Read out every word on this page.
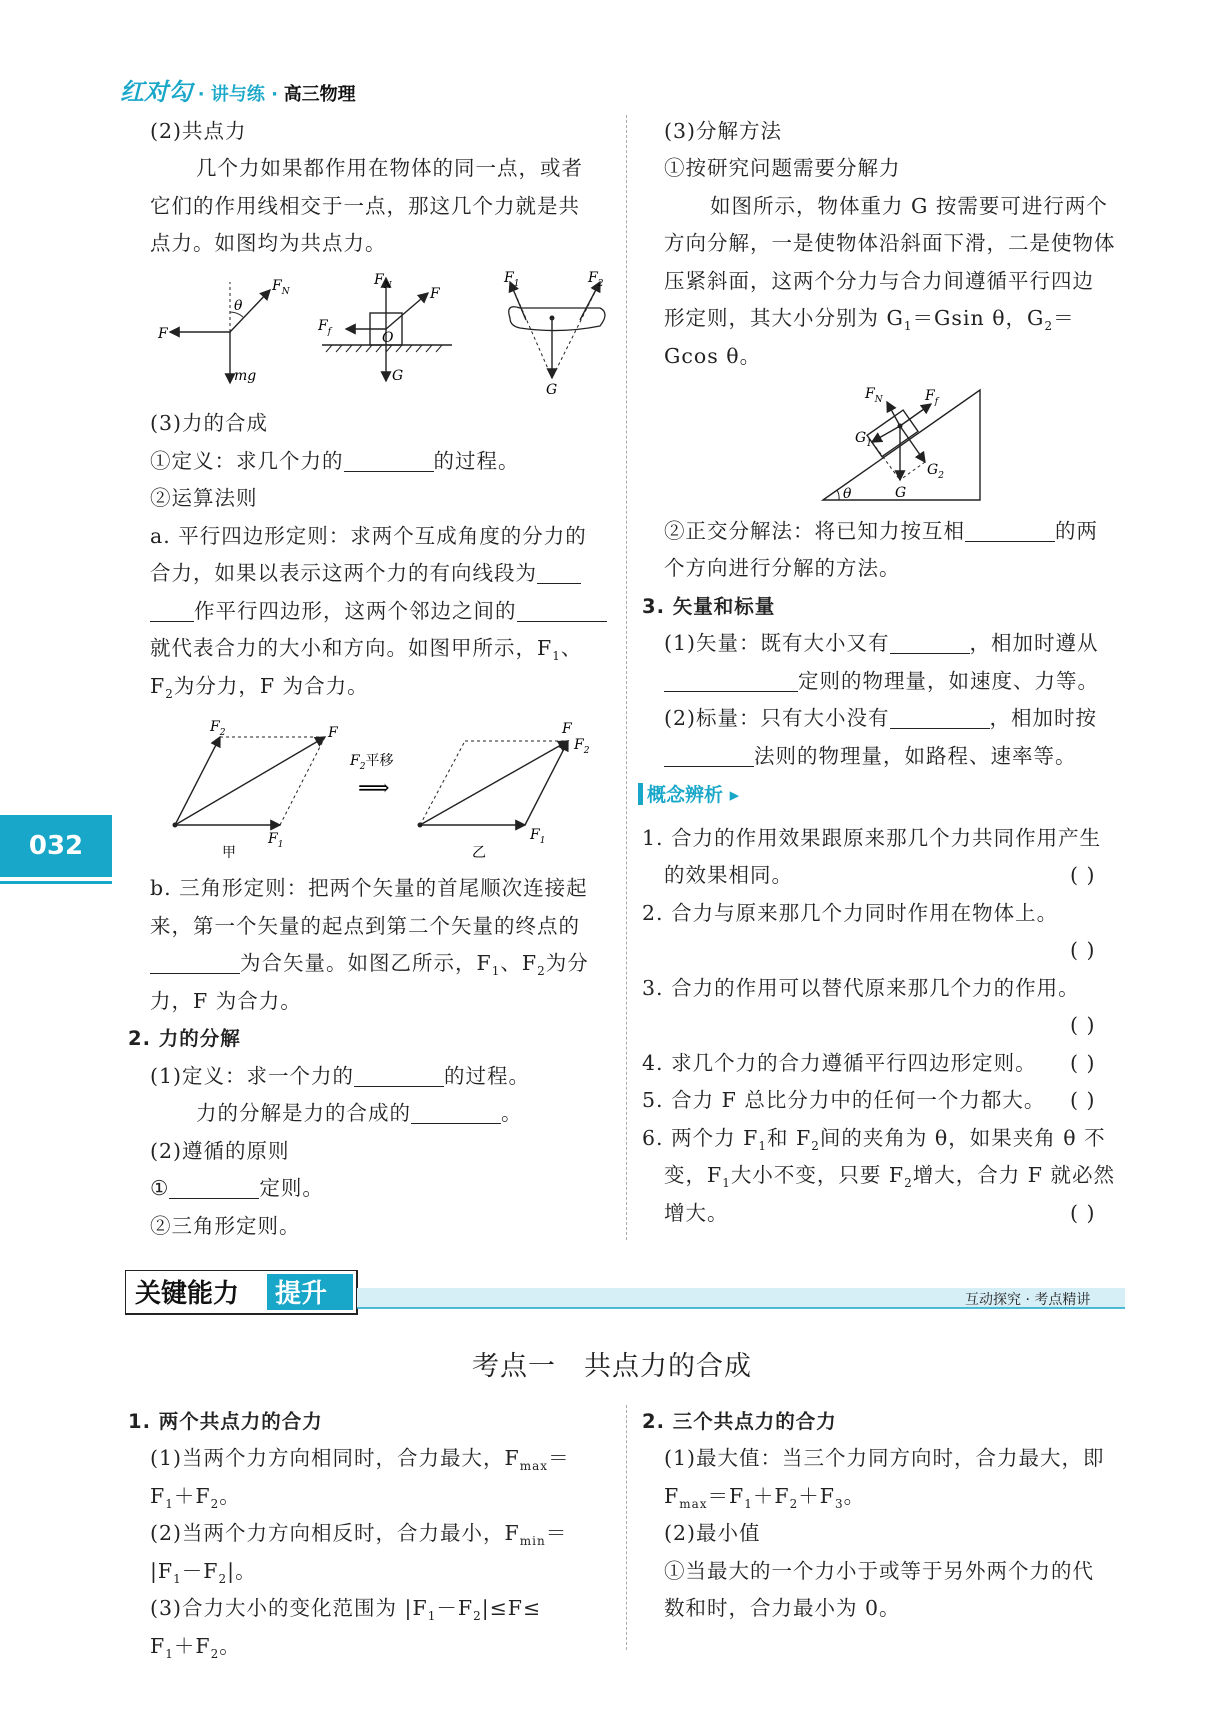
红对勾 · 讲与练 · 高三物理
032
(2)共点力
几个力如果都作用在物体的同一点，或者
它们的作用线相交于一点，那这几个力就是共
点力。如图均为共点力。
F
$F_N$
θ
mg
$F_N$	F
$F_f$	O
G
$F_1$	$F_2$
G
(3)力的合成
①定义：求几个力的	的过程。
②运算法则
a. 平行四边形定则：求两个互成角度的分力的
合力，如果以表示这两个力的有向线段为
作平行四边形，这两个邻边之间的
就代表合力的大小和方向。如图甲所示，$F_1$、
$F_2$为分力，F 为合力。
$F_2$	F
$F_1$
甲
$F_2$平移
⟹
F
$F_2$
$F_1$
乙
b. 三角形定则：把两个矢量的首尾顺次连接起
来，第一个矢量的起点到第二个矢量的终点的
为合矢量。如图乙所示，$F_1$、$F_2$为分
力，F 为合力。
2. 力的分解
(1)定义：求一个力的	的过程。
力的分解是力的合成的	。
(2)遵循的原则
①	定则。
②三角形定则。
(3)分解方法
①按研究问题需要分解力
如图所示，物体重力 G 按需要可进行两个
方向分解，一是使物体沿斜面下滑，二是使物体
压紧斜面，这两个分力与合力间遵循平行四边
形定则，其大小分别为 $G_1=Gsin$ θ，$G_2=$
Gcos θ。
$F_N$	$F_f$
$G_1$
$G_2$
G
θ
②正交分解法：将已知力按互相	的两
个方向进行分解的方法。
3. 矢量和标量
(1)矢量：既有大小又有	，相加时遵从
定则的物理量，如速度、力等。
(2)标量：只有大小没有	，相加时按
法则的物理量，如路程、速率等。
概念辨析 ▸
1. 合力的作用效果跟原来那几个力共同作用产生
的效果相同。	( )
2. 合力与原来那几个力同时作用在物体上。
( )
3. 合力的作用可以替代原来那几个力的作用。
( )
4. 求几个力的合力遵循平行四边形定则。 ( )
5. 合力 F 总比分力中的任何一个力都大。 ( )
6. 两个力 $F_1$和 $F_2$间的夹角为 θ，如果夹角 θ 不
变，$F_1$大小不变，只要 $F_2$增大，合力 F 就必然
增大。	( )
关键能力 提升	互动探究 · 考点精讲
考点一　共点力的合成
1. 两个共点力的合力
(1)当两个力方向相同时，合力最大，$F_{max}=$
$F_1+F_2$。
(2)当两个力方向相反时，合力最小，$F_{min}=$
$|F_1-F_2|$。
(3)合力大小的变化范围为 $|F_1-F_2|\le F\le$
$F_1+F_2$。
2. 三个共点力的合力
(1)最大值：当三个力同方向时，合力最大，即
$F_{max}=F_1+F_2+F_3$。
(2)最小值
①当最大的一个力小于或等于另外两个力的代
数和时，合力最小为 0。
